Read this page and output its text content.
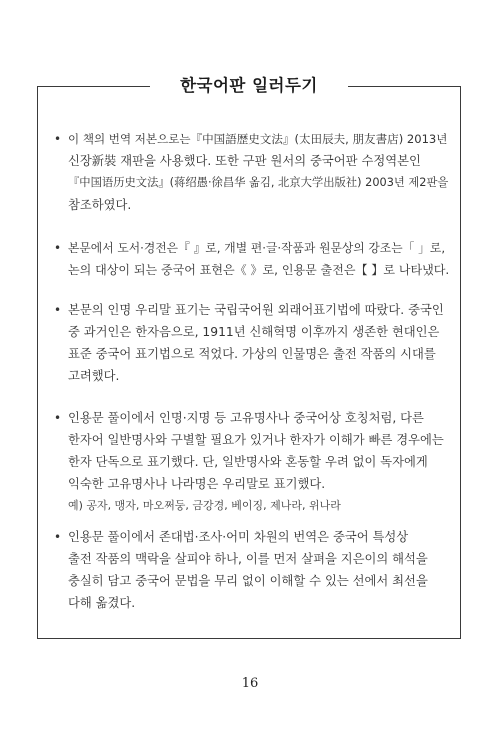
한국어판 일러두기
• 이 책의 번역 저본으로는『中国語歴史文法』(太田辰夫, 朋友書店) 2013년
신장新裝 재판을 사용했다. 또한 구판 원서의 중국어판 수정역본인
『中国语历史文法』(蒋绍愚·徐昌华 옮김, 北京大学出版社) 2003년 제2판을
참조하였다.
• 본문에서 도서·경전은『 』로, 개별 편·글·작품과 원문상의 강조는「 」로,
논의 대상이 되는 중국어 표현은《 》로, 인용문 출전은【 】로 나타냈다.
• 본문의 인명 우리말 표기는 국립국어원 외래어표기법에 따랐다. 중국인
중 과거인은 한자음으로, 1911년 신해혁명 이후까지 생존한 현대인은
표준 중국어 표기법으로 적었다. 가상의 인물명은 출전 작품의 시대를
고려했다.
• 인용문 풀이에서 인명·지명 등 고유명사나 중국어상 호칭처럼, 다른
한자어 일반명사와 구별할 필요가 있거나 한자가 이해가 빠른 경우에는
한자 단독으로 표기했다. 단, 일반명사와 혼동할 우려 없이 독자에게
익숙한 고유명사나 나라명은 우리말로 표기했다.
예) 공자, 맹자, 마오쩌둥, 금강경, 베이징, 제나라, 위나라
• 인용문 풀이에서 존대법·조사·어미 차원의 번역은 중국어 특성상
출전 작품의 맥락을 살피야 하나, 이를 먼저 살펴을 지은이의 해석을
충실히 담고 중국어 문법을 무리 없이 이해할 수 있는 선에서 최선을
다해 옮겼다.
16
